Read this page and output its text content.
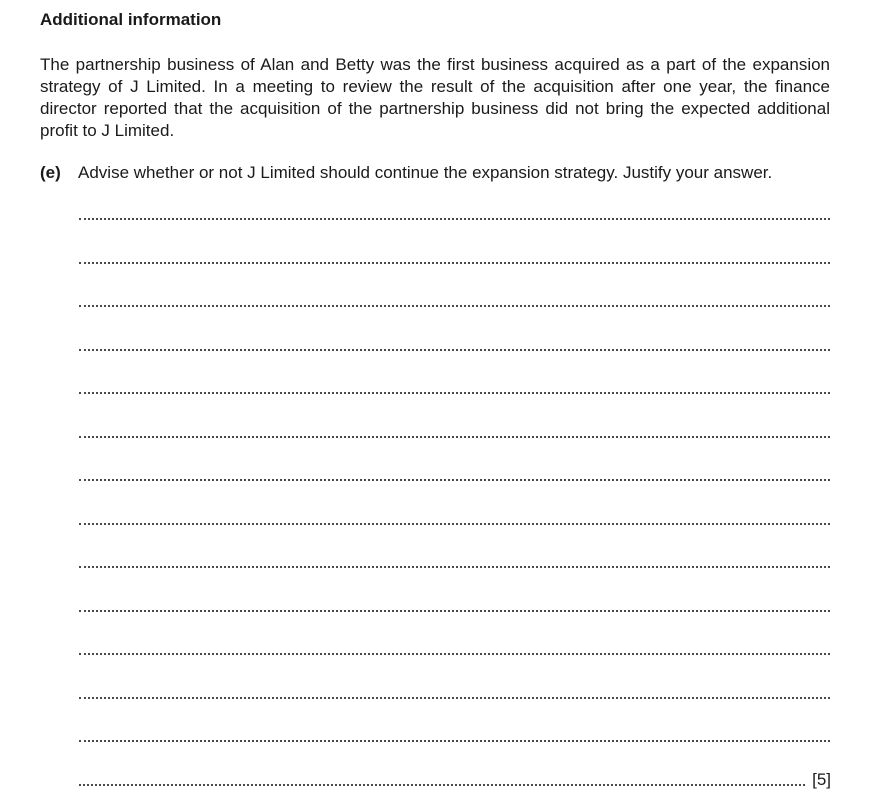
Additional information

The partnership business of Alan and Betty was the first business acquired as a part of the expansion strategy of J Limited. In a meeting to review the result of the acquisition after one year, the finance director reported that the acquisition of the partnership business did not bring the expected additional profit to J Limited.

(e) Advise whether or not J Limited should continue the expansion strategy. Justify your answer.

[5]
